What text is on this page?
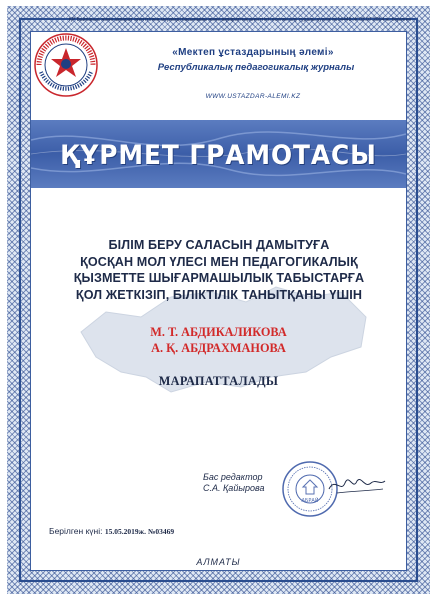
ҚР Байланыс және ақпарат агенттігінің мерзімді басылымы және ақпараттық агенттікті есепке алу туралы куәлік №14448-Ж 03.07.2014 ж. берілген
«Мектеп ұстаздарының әлемі»
Республикалық педагогикалық журналы
WWW.USTAZDAR-ALEMI.KZ
ҚҰРМЕТ ГРАМОТАСЫ
БІЛІМ БЕРУ САЛАСЫН ДАМЫТУҒА
ҚОСҚАН МОЛ ҮЛЕСІ МЕН ПЕДАГОГИКАЛЫҚ
ҚЫЗМЕТТЕ ШЫҒАРМАШЫЛЫҚ ТАБЫСТАРҒА
ҚОЛ ЖЕТКІЗІП, БІЛІКТІЛІК ТАНЫТҚАНЫ ҮШІН
М. Т. АБДИКАЛИКОВА
А. Қ. АБДРАХМАНОВА
МАРАПАТТАЛАДЫ
Бас редактор
С.А. Қайырова
АБРАЙ
Берілген күні: 15.05.2019ж. №03469
АЛМАТЫ
